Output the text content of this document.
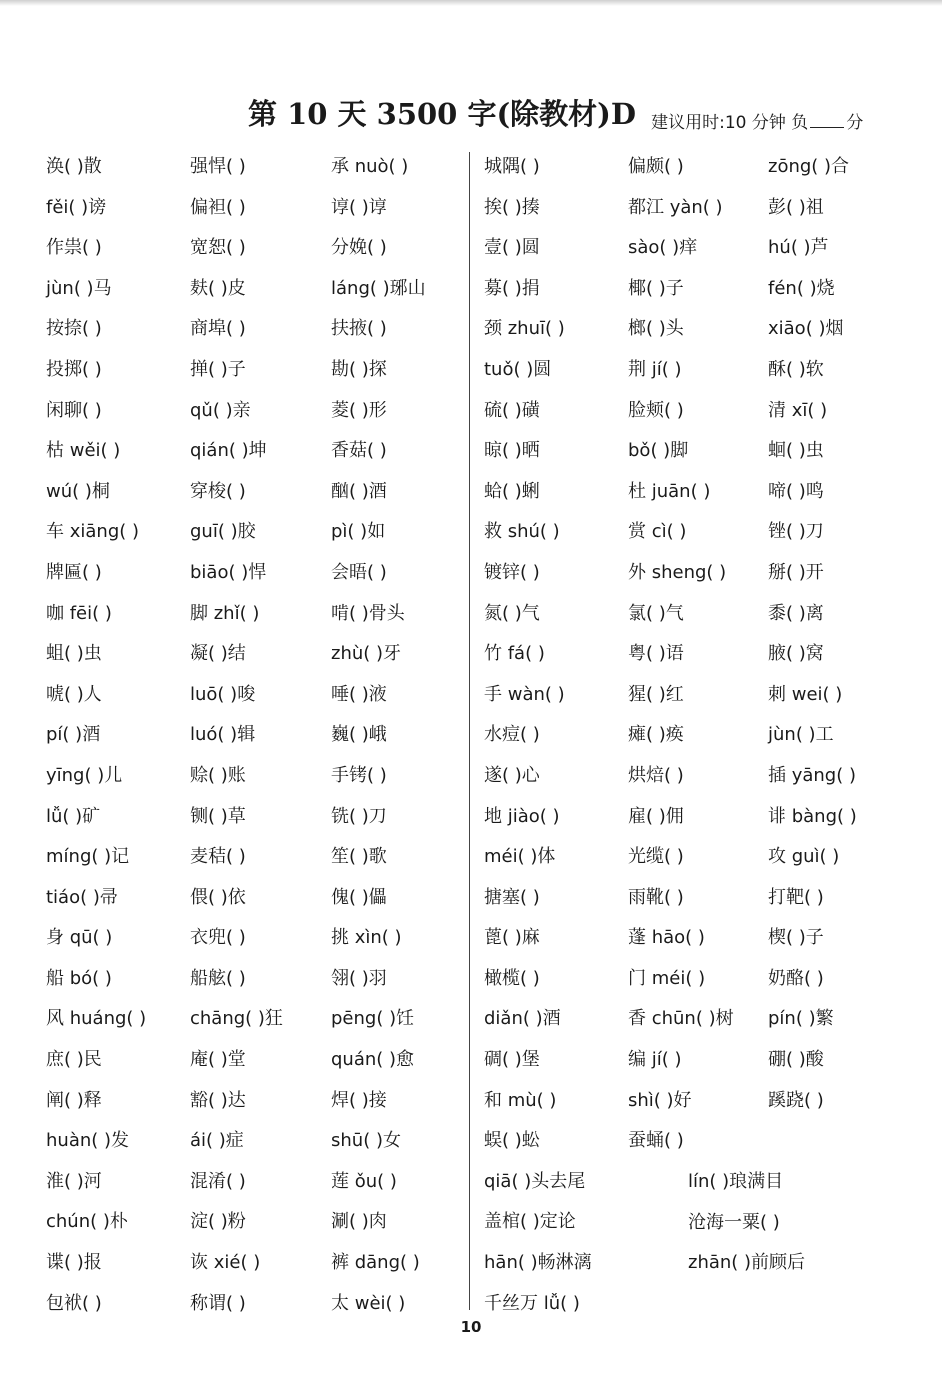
第 10 天 3500 字(除教材)D 建议用时:10 分钟 负 分
涣( )散
fěi( )谤
作祟( )
jùn( )马
按捺( )
投掷( )
闲聊( )
枯 wěi( )
wú( )桐
车 xiāng( )
牌匾( )
咖 fēi( )
蛆( )虫
唬( )人
pí( )酒
yīng( )儿
lǚ( )矿
míng( )记
tiáo( )帚
身 qū( )
船 bó( )
风 huáng( )
庶( )民
阐( )释
huàn( )发
淮( )河
chún( )朴
谍( )报
包袱( )
强悍( )
偏袒( )
宽恕( )
麸( )皮
商埠( )
掸( )子
qǔ( )亲
qián( )坤
穿梭( )
guī( )胶
biāo( )悍
脚 zhǐ( )
凝( )结
luō( )唆
luó( )辑
赊( )账
铡( )草
麦秸( )
偎( )依
衣兜( )
船舷( )
chāng( )狂
庵( )堂
豁( )达
ái( )症
混淆( )
淀( )粉
诙 xié( )
称谓( )
承 nuò( )
谆( )谆
分娩( )
láng( )琊山
扶掖( )
勘( )探
菱( )形
香菇( )
酗( )酒
pì( )如
会晤( )
啃( )骨头
zhù( )牙
唾( )液
巍( )峨
手铐( )
铣( )刀
笙( )歌
傀( )儡
挑 xìn( )
翎( )羽
pēng( )饪
quán( )愈
焊( )接
shū( )女
莲 ǒu( )
涮( )肉
裤 dāng( )
太 wèi( )
城隅( )
挨( )揍
壹( )圆
募( )捐
颈 zhuī( )
tuǒ( )圆
硫( )磺
晾( )晒
蛤( )蜊
救 shú( )
镀锌( )
氮( )气
竹 fá( )
手 wàn( )
水痘( )
遂( )心
地 jiào( )
méi( )体
搪塞( )
蓖( )麻
橄榄( )
diǎn( )酒
碉( )堡
和 mù( )
蜈( )蚣
qiā( )头去尾
盖棺( )定论
hān( )畅淋漓
千丝万 lǚ( )
偏颇( )
都江 yàn( )
sào( )痒
椰( )子
榔( )头
荆 jí( )
脸颊( )
bǒ( )脚
杜 juān( )
赏 cì( )
外 sheng( )
氯( )气
粤( )语
猩( )红
瘫( )痪
烘焙( )
雇( )佣
光缆( )
雨靴( )
蓬 hāo( )
门 méi( )
香 chūn( )树
编 jí( )
shì( )好
蚕蛹( )
zōng( )合
彭( )祖
hú( )芦
fén( )烧
xiāo( )烟
酥( )软
清 xī( )
蛔( )虫
啼( )鸣
锉( )刀
掰( )开
黍( )离
腋( )窝
刺 wei( )
jùn( )工
插 yāng( )
诽 bàng( )
攻 guì( )
打靶( )
楔( )子
奶酪( )
pín( )繁
硼( )酸
蹊跷( )
lín( )琅满目
沧海一粟( )
zhān( )前顾后
10
